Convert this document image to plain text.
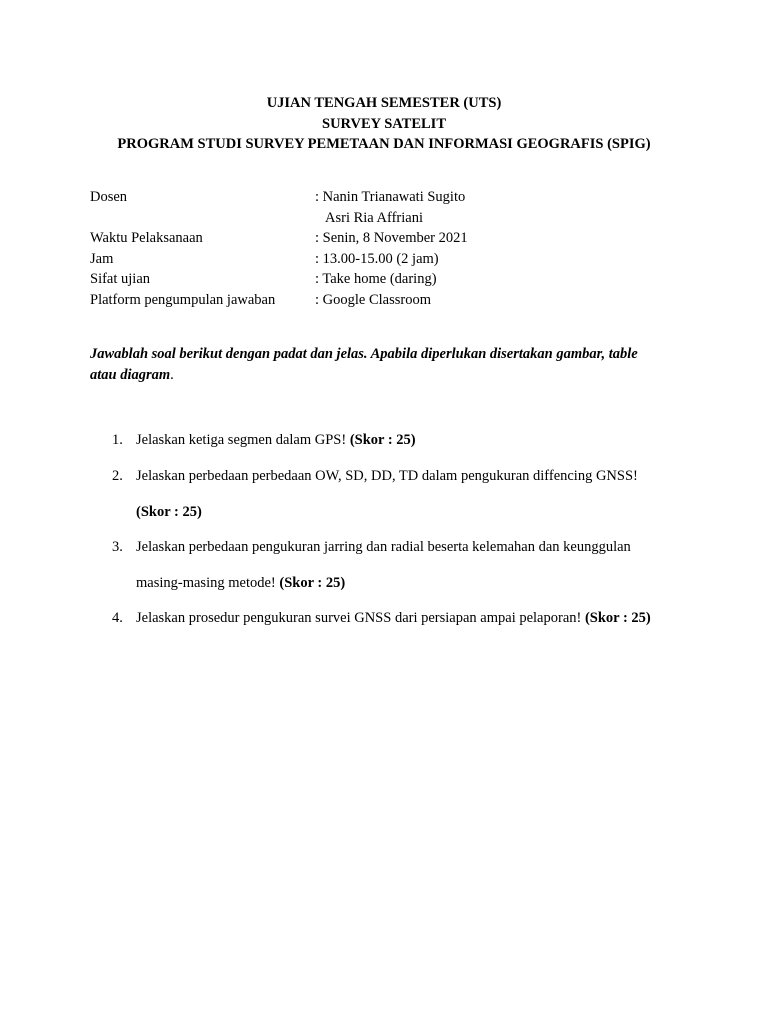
UJIAN TENGAH SEMESTER (UTS)
SURVEY SATELIT
PROGRAM STUDI SURVEY PEMETAAN DAN INFORMASI GEOGRAFIS (SPIG)
Dosen	: Nanin Trianawati Sugito
Asri Ria Affriani
Waktu Pelaksanaan	: Senin, 8 November 2021
Jam	: 13.00-15.00 (2 jam)
Sifat ujian	: Take home (daring)
Platform pengumpulan jawaban	: Google Classroom
Jawablah soal berikut dengan padat dan jelas. Apabila diperlukan disertakan gambar, table
atau diagram.
1. Jelaskan ketiga segmen dalam GPS! (Skor : 25)
2. Jelaskan perbedaan perbedaan OW, SD, DD, TD dalam pengukuran diffencing GNSS!
(Skor : 25)
3. Jelaskan perbedaan pengukuran jarring dan radial beserta kelemahan dan keunggulan
masing-masing metode! (Skor : 25)
4. Jelaskan prosedur pengukuran survei GNSS dari persiapan ampai pelaporan! (Skor : 25)
